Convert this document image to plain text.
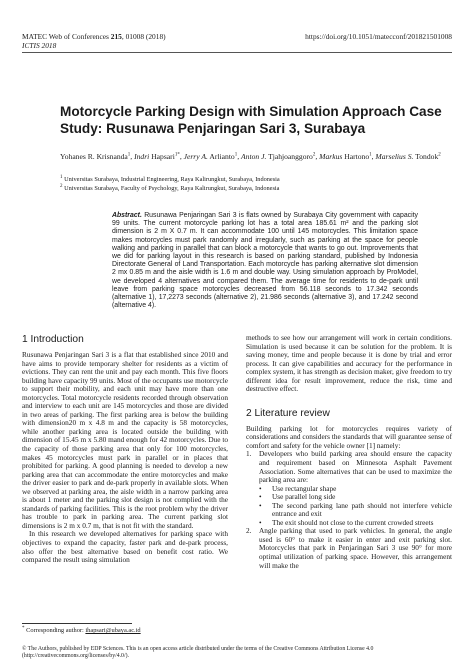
MATEC Web of Conferences 215, 01008 (2018)
ICTIS 2018
https://doi.org/10.1051/matecconf/201821501008
Motorcycle Parking Design with Simulation Approach Case Study: Rusunawa Penjaringan Sari 3, Surabaya
Yohanes R. Krisnanda$^1$, Indri Hapsari$^{1*}$, Jerry A. Arlianto$^1$, Anton J. Tjahjoanggoro$^2$, Markus Hartono$^1$, Marselius S. Tondok$^2$
$^1$ Universitas Surabaya, Industrial Engineering, Raya Kalirungkut, Surabaya, Indonesia
$^2$ Universitas Surabaya, Faculty of Psychology, Raya Kalirungkut, Surabaya, Indonesia
Abstract. Rusunawa Penjaringan Sari 3 is flats owned by Surabaya City government with capacity 99 units. The current motorcycle parking lot has a total area 185.61 m² and the parking slot dimension is 2 m X 0.7 m. It can accommodate 100 until 145 motorcycles. This limitation space makes motorcycles must park randomly and irregularly, such as parking at the space for people walking and parking in parallel that can block a motorcycle that wants to go out. Improvements that we did for parking layout in this research is based on parking standard, published by Indonesia Directorate General of Land Transportation. Each motorcycle has parking alternative slot dimension 2 mx 0.85 m and the aisle width is 1.6 m and double way. Using simulation approach by ProModel, we developed 4 alternatives and compared them. The average time for residents to de-park until leave from parking space motorcycles decreased from 56.118 seconds to 17.342 seconds (alternative 1), 17,2273 seconds (alternative 2), 21.986 seconds (alternative 3), and 17.242 second (alternative 4).
1 Introduction

Rusunawa Penjaringan Sari 3 is a flat that established since 2010 and have aims to provide temporary shelter for residents as a victim of evictions. They can rent the unit and pay each month. This five floors building have capacity 99 units. Most of the occupants use motorcycle to support their mobility, and each unit may have more than one motorcycles. Total motorcycle residents recorded through observation and interview to each unit are 145 motorcycles and those are divided in two areas of parking. The first parking area is below the building with dimension20 m x 4.8 m and the capacity is 58 motorcycles, while another parking area is located outside the building with dimension of 15.45 m x 5.80 mand enough for 42 motorcycles. Due to the capacity of those parking area that only for 100 motorcycles, makes 45 motorcycles must park in parallel or in places that prohibited for parking. A good planning is needed to develop a new parking area that can accommodate the entire motorcycles and make the driver easier to park and de-park properly in available slots. When we observed at parking area, the aisle width in a narrow parking area is about 1 meter and the parking slot design is not complied with the standards of parking facilities. This is the root problem why the driver has trouble to park in parking area. The current parking slot dimensions is 2 m x 0.7 m, that is not fit with the standard.

In this research we developed alternatives for parking space with objectives to expand the capacity, faster park and de-park process, also offer the best alternative based on benefit cost ratio. We compared the result using simulation

* Corresponding author: ihapsari@ubaya.ac.id

methods to see how our arrangement will work in certain conditions. Simulation is used because it can be solution for the problem. It is saving money, time and people because it is done by trial and error process. It can give capabilities and accuracy for the performance in complex system, it has strength as decision maker, give freedom to try different idea for result improvement, reduce the risk, time and destructive effect.

2 Literature review

Building parking lot for motorcycles requires variety of considerations and considers the standards that will guarantee sense of comfort and safety for the vehicle owner [1] namely:

1. Developers who build parking area should ensure the capacity and requirement based on Minnesota Asphalt Pavement Association. Some alternatives that can be used to maximize the parking area are:
• Use rectangular shape
• Use parallel long side
• The second parking lane path should not interfere vehicle entrance and exit
• The exit should not close to the current crowded streets
2. Angle parking that used to park vehicles. In general, the angle used is 60° to make it easier in enter and exit parking slot. Motorcycles that park in Penjaringan Sari 3 use 90° for more optimal utilization of parking space. However, this arrangement will make the
© The Authors, published by EDP Sciences. This is an open access article distributed under the terms of the Creative Commons Attribution License 4.0 (http://creativecommons.org/licenses/by/4.0/).
